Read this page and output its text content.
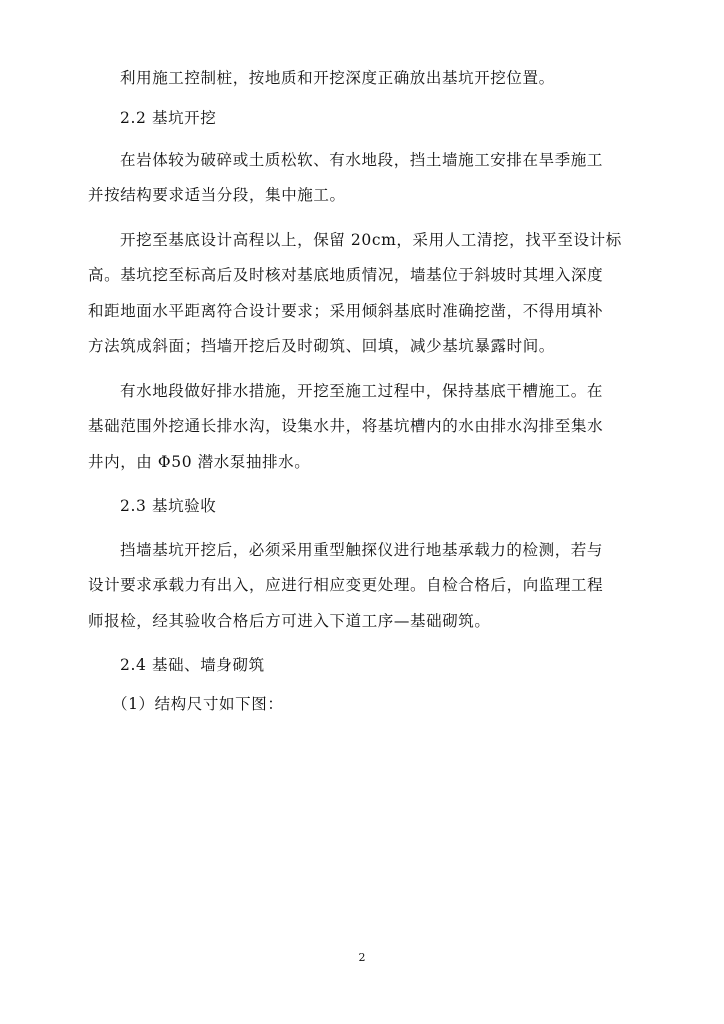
利用施工控制桩，按地质和开挖深度正确放出基坑开挖位置。
2.2 基坑开挖
在岩体较为破碎或土质松软、有水地段，挡土墙施工安排在旱季施工
并按结构要求适当分段，集中施工。
开挖至基底设计高程以上，保留 20cm，采用人工清挖，找平至设计标
高。基坑挖至标高后及时核对基底地质情况，墙基位于斜坡时其埋入深度
和距地面水平距离符合设计要求；采用倾斜基底时准确挖凿，不得用填补
方法筑成斜面；挡墙开挖后及时砌筑、回填，减少基坑暴露时间。
有水地段做好排水措施，开挖至施工过程中，保持基底干槽施工。在
基础范围外挖通长排水沟，设集水井，将基坑槽内的水由排水沟排至集水
井内，由 Φ50 潜水泵抽排水。
2.3 基坑验收
挡墙基坑开挖后，必须采用重型触探仪进行地基承载力的检测，若与
设计要求承载力有出入，应进行相应变更处理。自检合格后，向监理工程
师报检，经其验收合格后方可进入下道工序—基础砌筑。
2.4 基础、墙身砌筑
（1）结构尺寸如下图：
2
